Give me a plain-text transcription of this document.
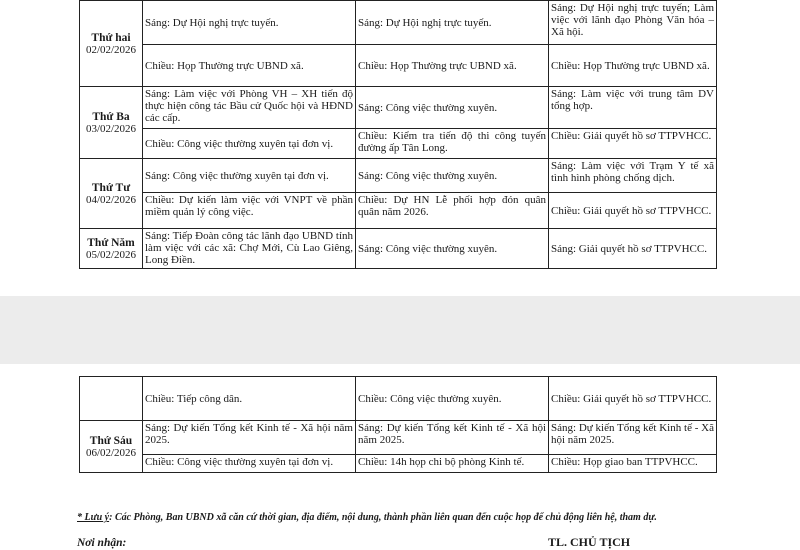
Thứ hai
02/02/2026	Sáng: Dự Hội nghị trực tuyến.	Sáng: Dự Hội nghị trực tuyến.	Sáng: Dự Hội nghị trực tuyến; Làm việc với lãnh đạo Phòng Văn hóa – Xã hội.

	Chiều: Họp Thường trực UBND xã.	Chiều: Họp Thường trực UBND xã.	Chiều: Họp Thường trực UBND xã.

Thứ Ba
03/02/2026	Sáng: Làm việc với Phòng VH – XH tiến độ thực hiện công tác Bầu cử Quốc hội và HĐND các cấp.	Sáng: Công việc thường xuyên.	Sáng: Làm việc với trung tâm DV tổng hợp.

	Chiều: Công việc thường xuyên tại đơn vị.	Chiều: Kiểm tra tiến độ thi công tuyến đường ấp Tân Long.	Chiều: Giải quyết hồ sơ TTPVHCC.

Thứ Tư
04/02/2026	Sáng: Công việc thường xuyên tại đơn vị.	Sáng: Công việc thường xuyên.	Sáng: Làm việc với Trạm Y tế xã tình hình phòng chống dịch.

	Chiều: Dự kiến làm việc với VNPT về phần miềm quản lý công việc.	Chiều: Dự HN Lễ phối hợp đón quân quân năm 2026.	Chiều: Giải quyết hồ sơ TTPVHCC.

Thứ Năm
05/02/2026	Sáng: Tiếp Đoàn công tác lãnh đạo UBND tỉnh làm việc với các xã: Chợ Mới, Cù Lao Giêng, Long Điền.	Sáng: Công việc thường xuyên.	Sáng: Giải quyết hồ sơ TTPVHCC.

	Chiều: Tiếp công dân.	Chiều: Công việc thường xuyên.	Chiều: Giải quyết hồ sơ TTPVHCC.

Thứ Sáu
06/02/2026	Sáng: Dự kiến Tổng kết Kinh tế - Xã hội năm 2025.	Sáng: Dự kiến Tổng kết Kinh tế - Xã hội năm 2025.	Sáng: Dự kiến Tổng kết Kinh tế - Xã hội năm 2025.

	Chiều: Công việc thường xuyên tại đơn vị.	Chiều: 14h họp chi bộ phòng Kinh tế.	Chiều: Họp giao ban TTPVHCC.
* Lưu ý: Các Phòng, Ban UBND xã căn cứ thời gian, địa điểm, nội dung, thành phần liên quan đến cuộc họp để chủ động liên hệ, tham dự.
Nơi nhận:	TL. CHỦ TỊCH
